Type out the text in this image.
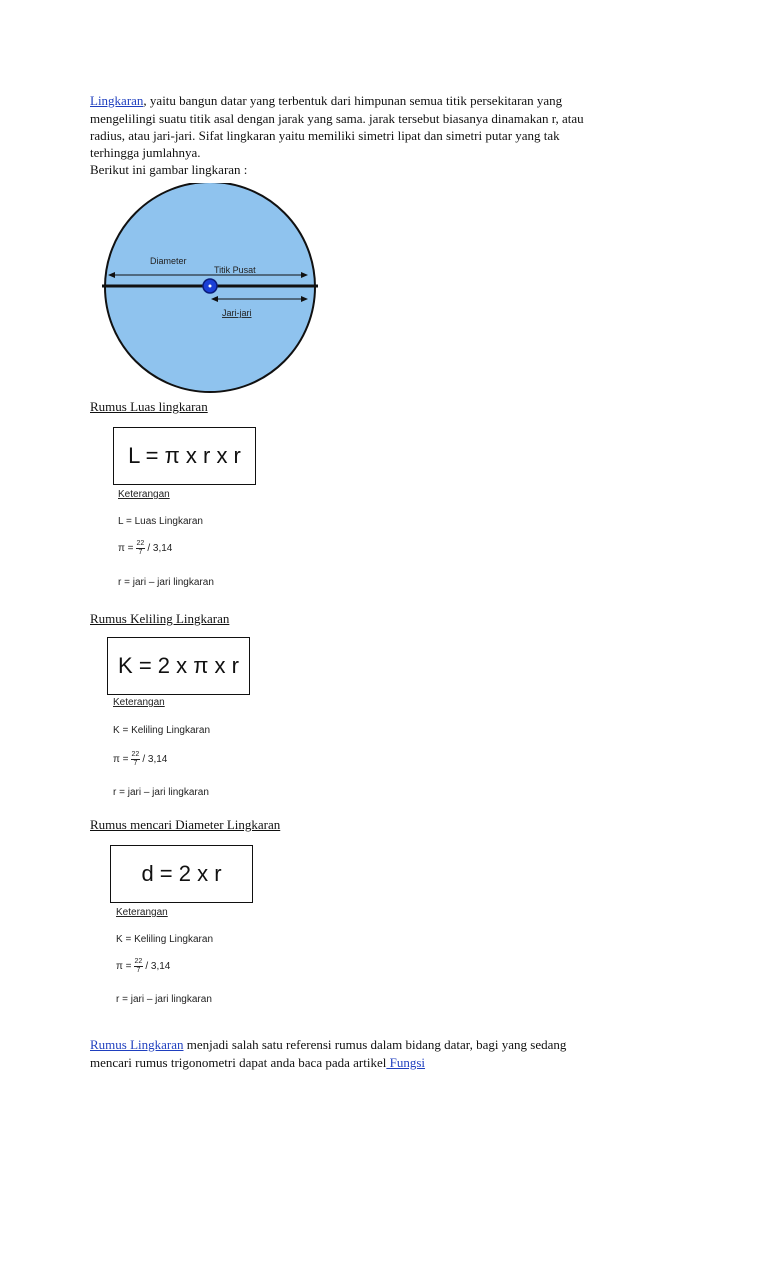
Lingkaran, yaitu bangun datar yang terbentuk dari himpunan semua titik persekitaran yang
mengelilingi suatu titik asal dengan jarak yang sama. jarak tersebut biasanya dinamakan r, atau
radius, atau jari-jari. Sifat lingkaran yaitu memiliki simetri lipat dan simetri putar yang tak
terhingga jumlahnya.
Berikut ini gambar lingkaran :
Diameter
Titik Pusat
Jari-jari
Rumus Luas lingkaran
L = π x r x r
Keterangan
L = Luas Lingkaran
$\pi = \frac{22}{7} / 3,14$
r = jari – jari lingkaran
Rumus Keliling Lingkaran
K = 2 x π x r
Keterangan
K = Keliling Lingkaran
$\pi = \frac{22}{7} / 3,14$
r = jari – jari lingkaran
Rumus mencari Diameter Lingkaran
d = 2 x r
Keterangan
K = Keliling Lingkaran
$\pi = \frac{22}{7} / 3,14$
r = jari – jari lingkaran
Rumus Lingkaran menjadi salah satu referensi rumus dalam bidang datar, bagi yang sedang
mencari rumus trigonometri dapat anda baca pada artikel Fungsi
